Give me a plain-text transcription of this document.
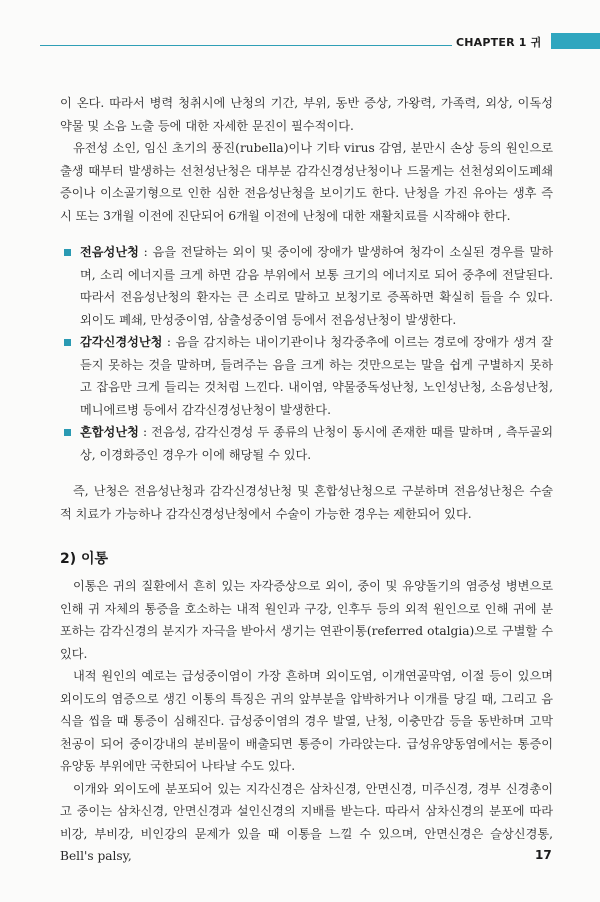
CHAPTER 1 귀

이 온다. 따라서 병력 청취시에 난청의 기간, 부위, 동반 증상, 가왕력, 가족력, 외상, 이독성 약물 및 소음 노출 등에 대한 자세한 문진이 필수적이다.

유전성 소인, 임신 초기의 풍진(rubella)이나 기타 virus 감염, 분만시 손상 등의 원인으로 출생 때부터 발생하는 선천성난청은 대부분 감각신경성난청이나 드물게는 선천성외이도폐쇄증이나 이소골기형으로 인한 심한 전음성난청을 보이기도 한다. 난청을 가진 유아는 생후 즉시 또는 3개월 이전에 진단되어 6개월 이전에 난청에 대한 재활치료를 시작해야 한다.

전음성난청 : 음을 전달하는 외이 및 중이에 장애가 발생하여 청각이 소실된 경우를 말하며, 소리 에너지를 크게 하면 감음 부위에서 보통 크기의 에너지로 되어 중추에 전달된다. 따라서 전음성난청의 환자는 큰 소리로 말하고 보청기로 증폭하면 확실히 들을 수 있다. 외이도 폐쇄, 만성중이염, 삼출성중이염 등에서 전음성난청이 발생한다.
감각신경성난청 : 음을 감지하는 내이기관이나 청각중추에 이르는 경로에 장애가 생겨 잘 듣지 못하는 것을 말하며, 들려주는 음을 크게 하는 것만으로는 말을 쉽게 구별하지 못하고 잡음만 크게 들리는 것처럼 느낀다. 내이염, 약물중독성난청, 노인성난청, 소음성난청, 메니에르병 등에서 감각신경성난청이 발생한다.
혼합성난청 : 전음성, 감각신경성 두 종류의 난청이 동시에 존재한 때를 말하며 , 측두골외상, 이경화증인 경우가 이에 해당될 수 있다.

즉, 난청은 전음성난청과 감각신경성난청 및 혼합성난청으로 구분하며 전음성난청은 수술적 치료가 가능하나 감각신경성난청에서 수술이 가능한 경우는 제한되어 있다.

2) 이통

이통은 귀의 질환에서 흔히 있는 자각증상으로 외이, 중이 및 유양돌기의 염증성 병변으로 인해 귀 자체의 통증을 호소하는 내적 원인과 구강, 인후두 등의 외적 원인으로 인해 귀에 분포하는 감각신경의 분지가 자극을 받아서 생기는 연관이통(referred otalgia)으로 구별할 수 있다.

내적 원인의 예로는 급성중이염이 가장 흔하며 외이도염, 이개연골막염, 이절 등이 있으며 외이도의 염증으로 생긴 이통의 특징은 귀의 앞부분을 압박하거나 이개를 당길 때, 그리고 음식을 씹을 때 통증이 심해진다. 급성중이염의 경우 발열, 난청, 이충만감 등을 동반하며 고막 천공이 되어 중이강내의 분비물이 배출되면 통증이 가라앉는다. 급성유양동염에서는 통증이 유양동 부위에만 국한되어 나타날 수도 있다.

이개와 외이도에 분포되어 있는 지각신경은 삼차신경, 안면신경, 미주신경, 경부 신경총이고 중이는 삼차신경, 안면신경과 설인신경의 지배를 받는다. 따라서 삼차신경의 분포에 따라 비강, 부비강, 비인강의 문제가 있을 때 이통을 느낄 수 있으며, 안면신경은 슬상신경통, Bell's palsy,	17
